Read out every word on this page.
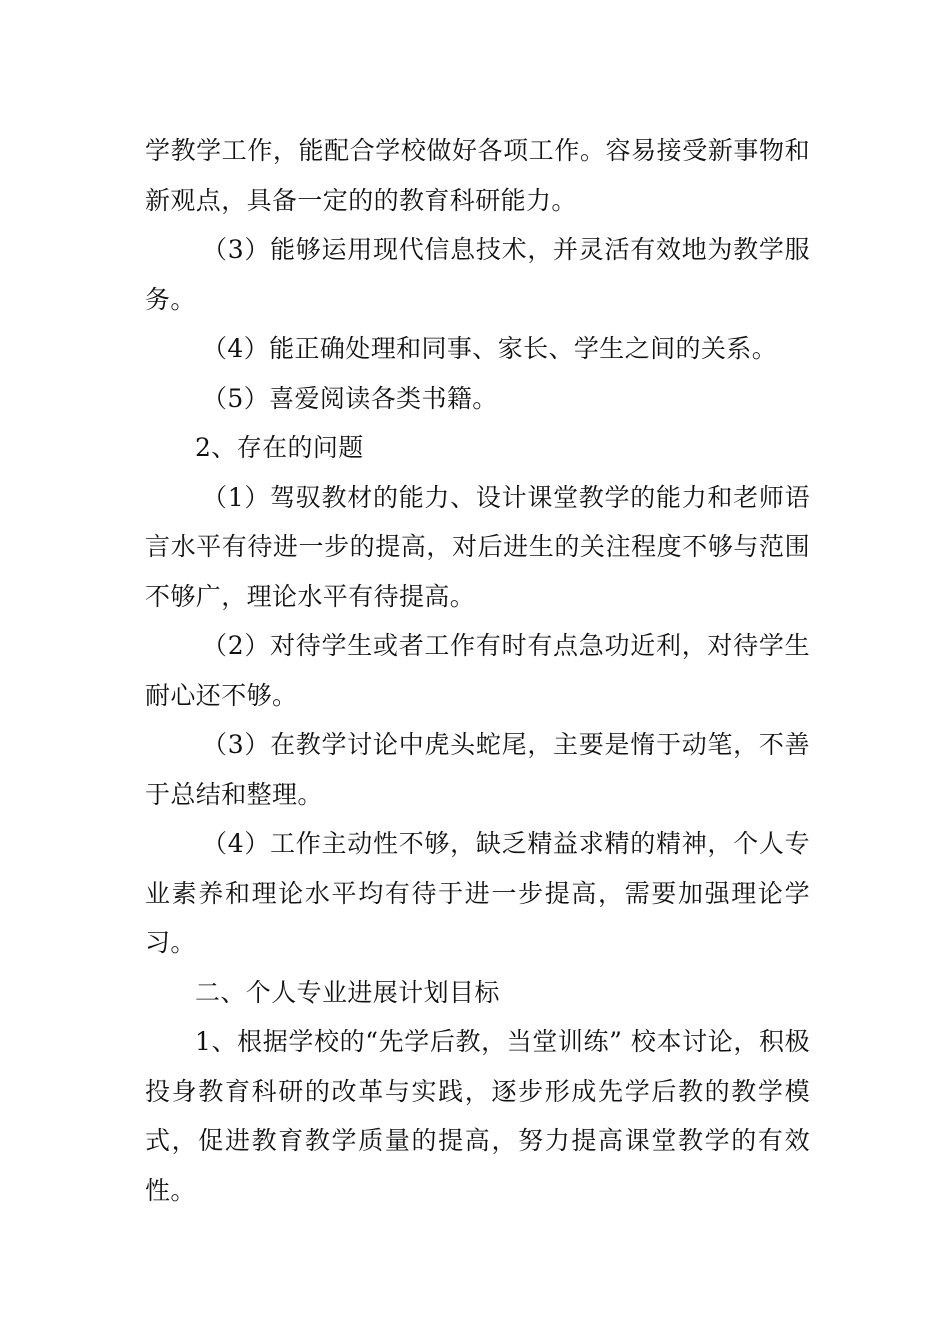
学教学工作，能配合学校做好各项工作。容易接受新事物和新观点，具备一定的的教育科研能力。

（3）能够运用现代信息技术，并灵活有效地为教学服务。

（4）能正确处理和同事、家长、学生之间的关系。

（5）喜爱阅读各类书籍。

2、存在的问题

（1）驾驭教材的能力、设计课堂教学的能力和老师语言水平有待进一步的提高，对后进生的关注程度不够与范围不够广，理论水平有待提高。

（2）对待学生或者工作有时有点急功近利，对待学生耐心还不够。

（3）在教学讨论中虎头蛇尾，主要是惰于动笔，不善于总结和整理。

（4）工作主动性不够，缺乏精益求精的精神，个人专业素养和理论水平均有待于进一步提高，需要加强理论学习。

二、个人专业进展计划目标

1、根据学校的“先学后教，当堂训练” 校本讨论，积极投身教育科研的改革与实践，逐步形成先学后教的教学模式，促进教育教学质量的提高，努力提高课堂教学的有效性。
